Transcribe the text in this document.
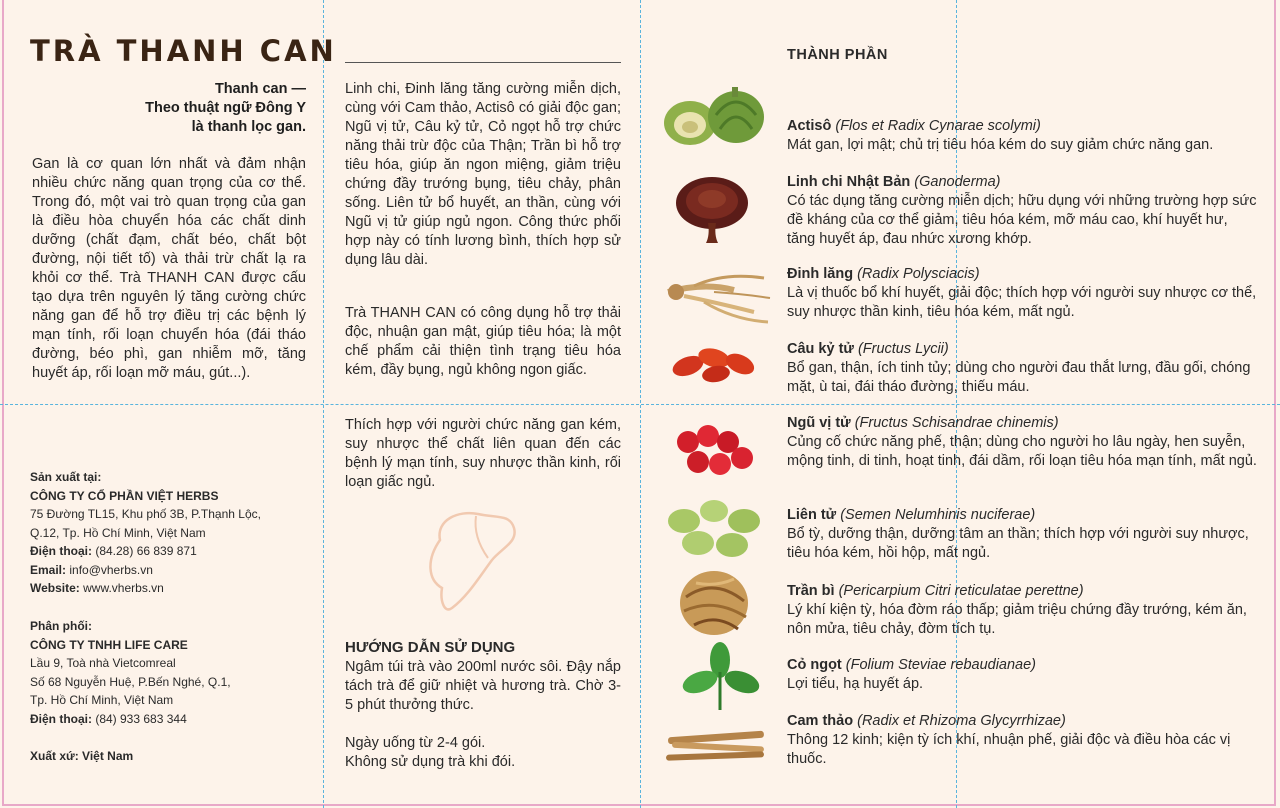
TRÀ THANH CAN
Thanh can —
Theo thuật ngữ Đông Y
là thanh lọc gan.
Gan là cơ quan lớn nhất và đảm nhận nhiều chức năng quan trọng của cơ thể. Trong đó, một vai trò quan trọng của gan là điều hòa chuyển hóa các chất dinh dưỡng (chất đạm, chất béo, chất bột đường, nội tiết tố) và thải trừ chất lạ ra khỏi cơ thể. Trà THANH CAN được cấu tạo dựa trên nguyên lý tăng cường chức năng gan để hỗ trợ điều trị các bệnh lý mạn tính, rối loạn chuyển hóa (đái tháo đường, béo phì, gan nhiễm mỡ, tăng huyết áp, rối loạn mỡ máu, gút...).
Sản xuất tại:
CÔNG TY CỔ PHẦN VIỆT HERBS
75 Đường TL15, Khu phố 3B, P.Thạnh Lộc,
Q.12, Tp. Hồ Chí Minh, Việt Nam
Điện thoại: (84.28) 66 839 871
Email: info@vherbs.vn
Website: www.vherbs.vn
Phân phối:
CÔNG TY TNHH LIFE CARE
Lầu 9, Toà nhà Vietcomreal
Số 68 Nguyễn Huệ, P.Bến Nghé, Q.1,
Tp. Hồ Chí Minh, Việt Nam
Điện thoại: (84) 933 683 344
Xuất xứ: Việt Nam
Linh chi, Đinh lăng tăng cường miễn dịch, cùng với Cam thảo, Actisô có giải độc gan; Ngũ vị tử, Câu kỷ tử, Cỏ ngọt hỗ trợ chức năng thải trừ độc của Thận; Trần bì hỗ trợ tiêu hóa, giúp ăn ngon miệng, giảm triệu chứng đầy trướng bụng, tiêu chảy, phân sống. Liên tử bổ huyết, an thần, cùng với Ngũ vị tử giúp ngủ ngon. Công thức phối hợp này có tính lương bình, thích hợp sử dụng lâu dài.
Trà THANH CAN có công dụng hỗ trợ thải độc, nhuận gan mật, giúp tiêu hóa; là một chế phẩm cải thiện tình trạng tiêu hóa kém, đầy bụng, ngủ không ngon giấc.
Thích hợp với người chức năng gan kém, suy nhược thể chất liên quan đến các bệnh lý mạn tính, suy nhược thần kinh, rối loạn giấc ngủ.
HƯỚNG DẪN SỬ DỤNG
Ngâm túi trà vào 200ml nước sôi. Đậy nắp tách trà để giữ nhiệt và hương trà. Chờ 3-5 phút thưởng thức.
Ngày uống từ 2-4 gói.
Không sử dụng trà khi đói.
THÀNH PHẦN
Actisô (Flos et Radix Cynarae scolymi)
Mát gan, lợi mật; chủ trị tiêu hóa kém do suy giảm chức năng gan.
Linh chi Nhật Bản (Ganoderma)
Có tác dụng tăng cường miễn dịch; hữu dụng với những trường hợp sức đề kháng của cơ thể giảm, tiêu hóa kém, mỡ máu cao, khí huyết hư, tăng huyết áp, đau nhức xương khớp.
Đinh lăng (Radix Polysciacis)
Là vị thuốc bổ khí huyết, giải độc; thích hợp với người suy nhược cơ thể, suy nhược thần kinh, tiêu hóa kém, mất ngủ.
Câu kỷ tử (Fructus Lycii)
Bổ gan, thận, ích tinh tủy; dùng cho người đau thắt lưng, đầu gối, chóng mặt, ù tai, đái tháo đường, thiếu máu.
Ngũ vị tử (Fructus Schisandrae chinemis)
Củng cố chức năng phế, thận; dùng cho người ho lâu ngày, hen suyễn, mộng tinh, di tinh, hoạt tinh, đái dầm, rối loạn tiêu hóa mạn tính, mất ngủ.
Liên tử (Semen Nelumhinis nuciferae)
Bổ tỳ, dưỡng thận, dưỡng tâm an thần; thích hợp với người suy nhược, tiêu hóa kém, hồi hộp, mất ngủ.
Trần bì (Pericarpium Citri reticulatae perettne)
Lý khí kiện tỳ, hóa đờm ráo thấp; giảm triệu chứng đầy trướng, kém ăn, nôn mửa, tiêu chảy, đờm tích tụ.
Cỏ ngọt (Folium Steviae rebaudianae)
Lợi tiểu, hạ huyết áp.
Cam thảo (Radix et Rhizoma Glycyrrhizae)
Thông 12 kinh; kiện tỳ ích khí, nhuận phế, giải độc và điều hòa các vị thuốc.
